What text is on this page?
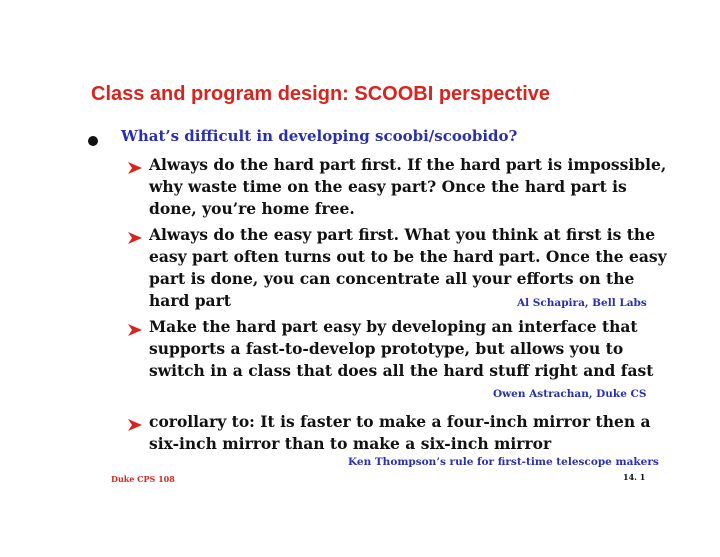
Class and program design: SCOOBI perspective
What’s difficult in developing scoobi/scoobido?
Always do the hard part first. If the hard part is impossible, why waste time on the easy part? Once the hard part is done, you’re home free.
Always do the easy part first. What you think at first is the easy part often turns out to be the hard part. Once the easy part is done, you can concentrate all your efforts on the hard part	Al Schapira, Bell Labs
Make the hard part easy by developing an interface that supports a fast-to-develop prototype, but allows you to switch in a class that does all the hard stuff right and fast
Owen Astrachan, Duke CS
corollary to: It is faster to make a four-inch mirror then a six-inch mirror than to make a six-inch mirror
Ken Thompson’s rule for first-time telescope makers
Duke CPS 108	14. 1
